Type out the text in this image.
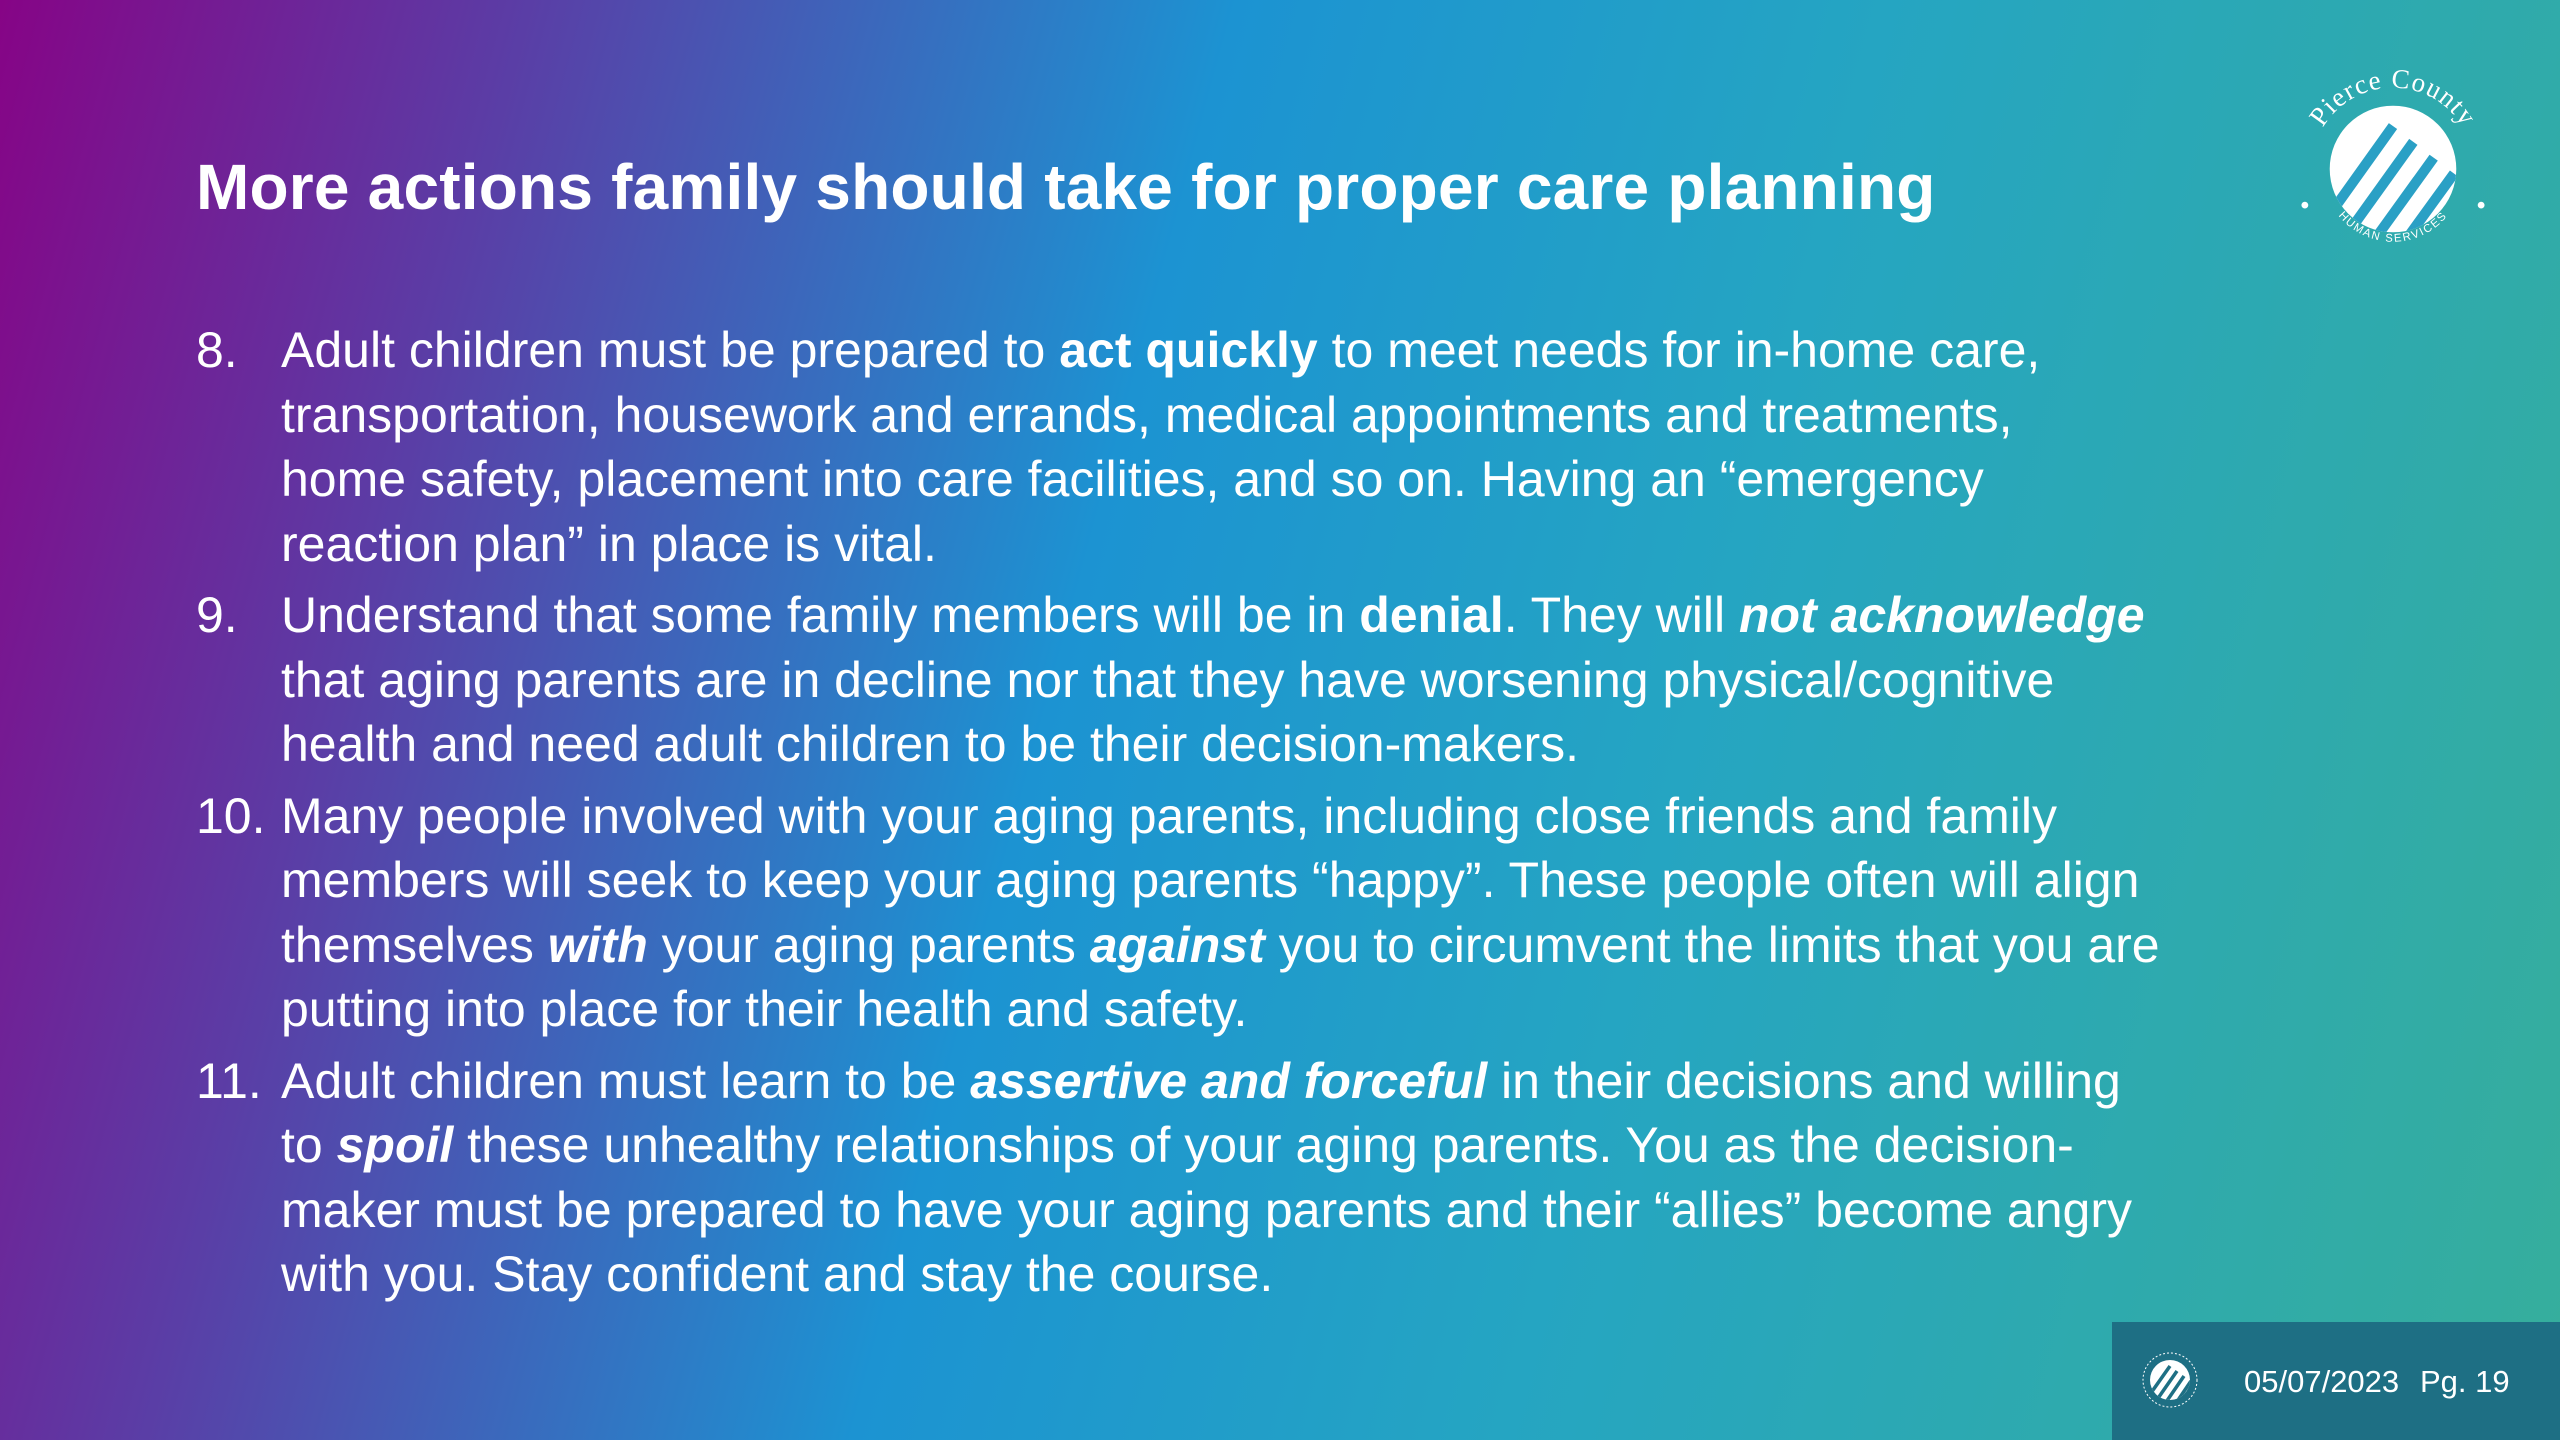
More actions family should take for proper care planning
Pierce County
HUMAN SERVICES
8. Adult children must be prepared to act quickly to meet needs for in-home care,

transportation, housework and errands, medical appointments and treatments,

home safety, placement into care facilities, and so on. Having an “emergency

reaction plan” in place is vital.

9. Understand that some family members will be in denial. They will not acknowledge

that aging parents are in decline nor that they have worsening physical/cognitive

health and need adult children to be their decision-makers.

10. Many people involved with your aging parents, including close friends and family

members will seek to keep your aging parents “happy”. These people often will align

themselves with your aging parents against you to circumvent the limits that you are

putting into place for their health and safety.

11. Adult children must learn to be assertive and forceful in their decisions and willing

to spoil these unhealthy relationships of your aging parents. You as the decision-

maker must be prepared to have your aging parents and their “allies” become angry

with you. Stay confident and stay the course.

05/07/2023 Pg. 19
